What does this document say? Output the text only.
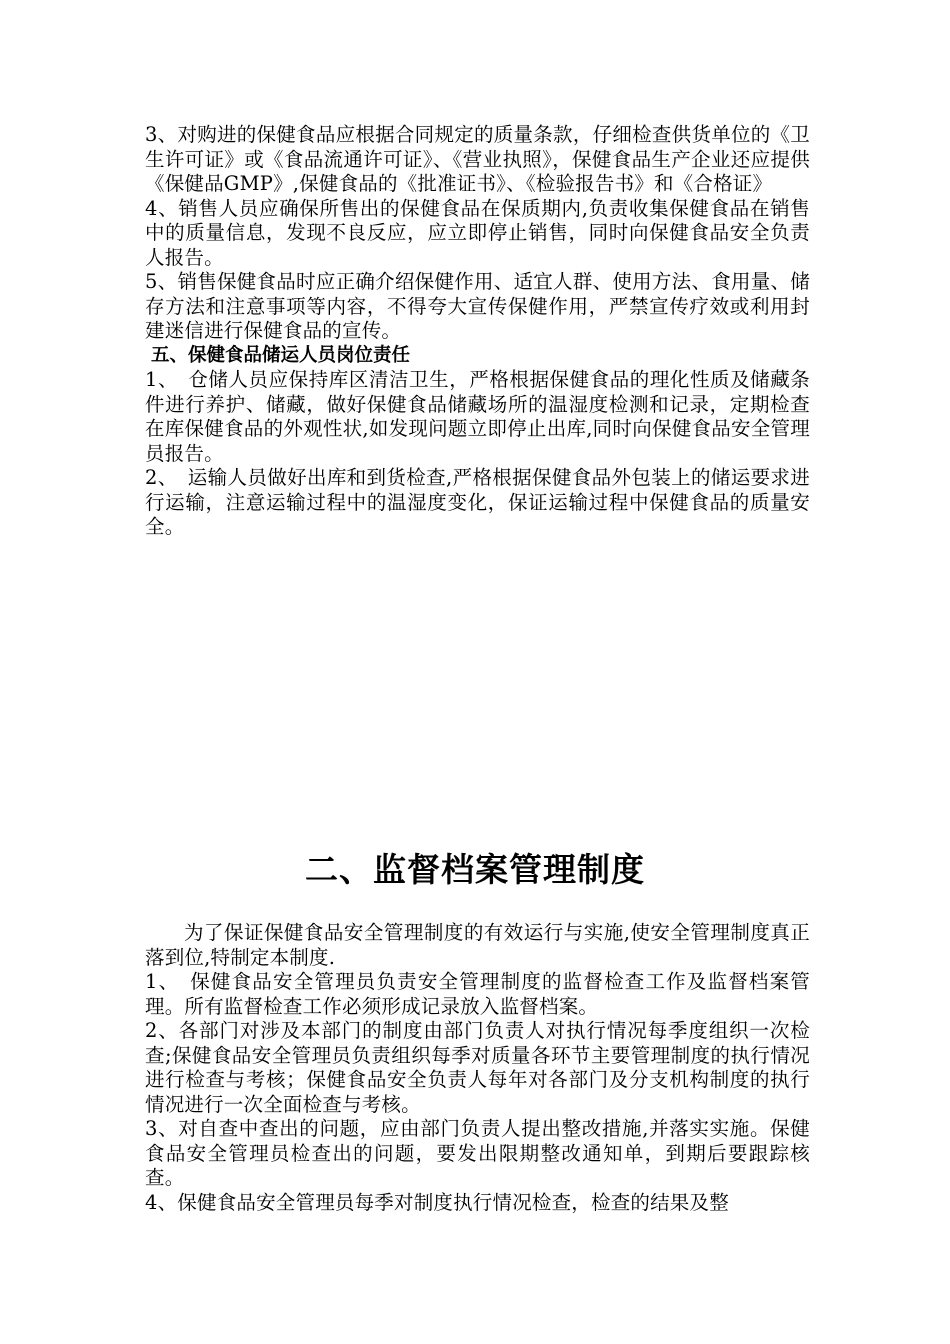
3、对购进的保健食品应根据合同规定的质量条款，仔细检查供货单位的《卫生许可证》或《食品流通许可证》、《营业执照》，保健食品生产企业还应提供《保健品GMP》,保健食品的《批准证书》、《检验报告书》和《合格证》

4、销售人员应确保所售出的保健食品在保质期内,负责收集保健食品在销售中的质量信息，发现不良反应，应立即停止销售，同时向保健食品安全负责人报告。

5、销售保健食品时应正确介绍保健作用、适宜人群、使用方法、食用量、储存方法和注意事项等内容，不得夸大宣传保健作用，严禁宣传疗效或利用封建迷信进行保健食品的宣传。

五、保健食品储运人员岗位责任

1、　仓储人员应保持库区清洁卫生，严格根据保健食品的理化性质及储藏条件进行养护、储藏，做好保健食品储藏场所的温湿度检测和记录，定期检查在库保健食品的外观性状,如发现问题立即停止出库,同时向保健食品安全管理员报告。

2、　运输人员做好出库和到货检查,严格根据保健食品外包装上的储运要求进行运输，注意运输过程中的温湿度变化，保证运输过程中保健食品的质量安全。

二、监督档案管理制度

为了保证保健食品安全管理制度的有效运行与实施,使安全管理制度真正落到位,特制定本制度.

1、　保健食品安全管理员负责安全管理制度的监督检查工作及监督档案管理。所有监督检查工作必须形成记录放入监督档案。

2、各部门对涉及本部门的制度由部门负责人对执行情况每季度组织一次检查;保健食品安全管理员负责组织每季对质量各环节主要管理制度的执行情况进行检查与考核；保健食品安全负责人每年对各部门及分支机构制度的执行情况进行一次全面检查与考核。

3、对自查中查出的问题，应由部门负责人提出整改措施,并落实实施。保健食品安全管理员检查出的问题，要发出限期整改通知单，到期后要跟踪核查。

4、保健食品安全管理员每季对制度执行情况检查，检查的结果及整
